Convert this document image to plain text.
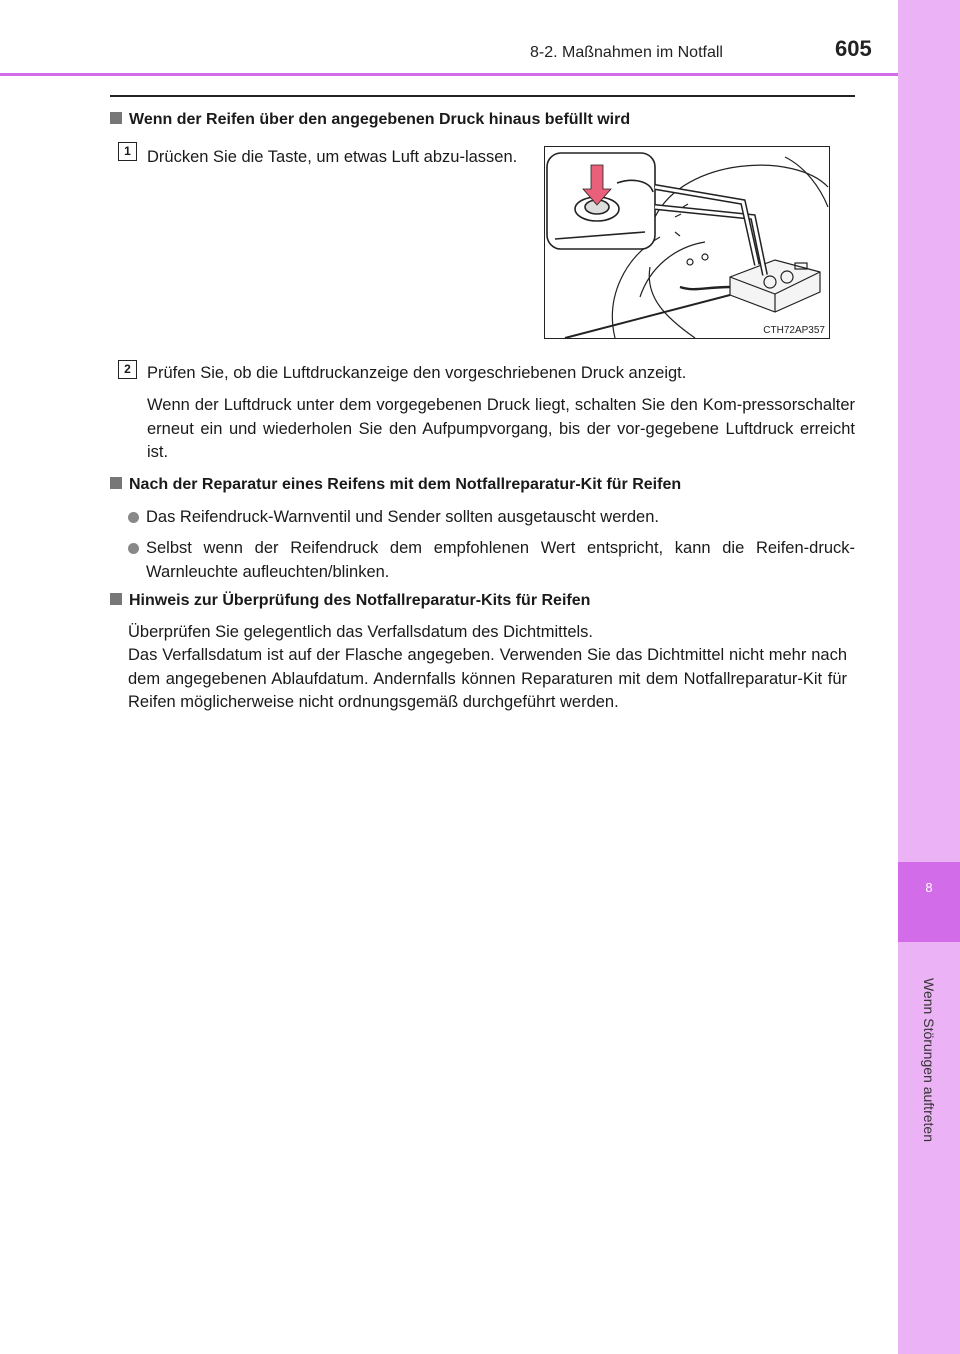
8
Wenn Störungen auftreten
8-2. Maßnahmen im Notfall	605
Wenn der Reifen über den angegebenen Druck hinaus befüllt wird
1 Drücken Sie die Taste, um etwas Luft abzu-lassen.
CTH72AP357
2 Prüfen Sie, ob die Luftdruckanzeige den vorgeschriebenen Druck anzeigt.
Wenn der Luftdruck unter dem vorgegebenen Druck liegt, schalten Sie den Kom-pressorschalter erneut ein und wiederholen Sie den Aufpumpvorgang, bis der vor-gegebene Luftdruck erreicht ist.
Nach der Reparatur eines Reifens mit dem Notfallreparatur-Kit für Reifen
Das Reifendruck-Warnventil und Sender sollten ausgetauscht werden.
Selbst wenn der Reifendruck dem empfohlenen Wert entspricht, kann die Reifen-druck-Warnleuchte aufleuchten/blinken.
Hinweis zur Überprüfung des Notfallreparatur-Kits für Reifen
Überprüfen Sie gelegentlich das Verfallsdatum des Dichtmittels.
Das Verfallsdatum ist auf der Flasche angegeben. Verwenden Sie das Dichtmittel nicht mehr nach dem angegebenen Ablaufdatum. Andernfalls können Reparaturen mit dem Notfallreparatur-Kit für Reifen möglicherweise nicht ordnungsgemäß durchgeführt werden.
